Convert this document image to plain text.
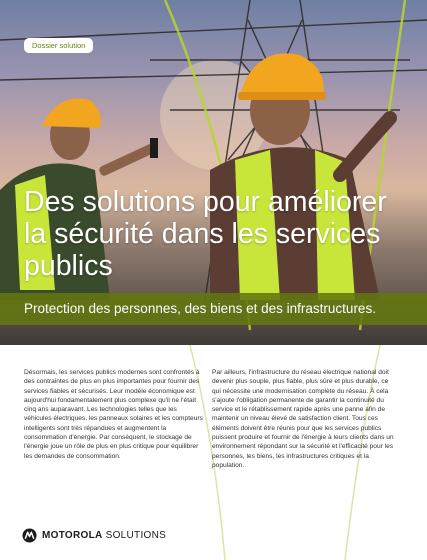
Dossier solution
Des solutions pour améliorer la sécurité dans les services publics
Protection des personnes, des biens et des infrastructures.

Désormais, les services publics modernes sont confrontés à des contraintes de plus en plus importantes pour fournir des services fiables et sécurisés. Leur modèle économique est aujourd'hui fondamentalement plus complexe qu'il ne l'était cinq ans auparavant. Les technologies telles que les véhicules électriques, les panneaux solaires et les compteurs intelligents sont très répandues et augmentent la consommation d'énergie. Par conséquent, le stockage de l'énergie joue un rôle de plus en plus critique pour équilibrer les demandes de consommation.

Par ailleurs, l'infrastructure du réseau électrique national doit devenir plus souple, plus fiable, plus sûre et plus durable, ce qui nécessite une modernisation complète du réseau. À cela s'ajoute l'obligation permanente de garantir la continuité du service et le rétablissement rapide après une panne afin de maintenir un niveau élevé de satisfaction client. Tous ces éléments doivent être réunis pour que les services publics puissent produire et fournir de l'énergie à leurs clients dans un environnement répondant sur la sécurité et l'efficacité pour les personnes, les biens, les infrastructures critiques et la population.

MOTOROLA SOLUTIONS
